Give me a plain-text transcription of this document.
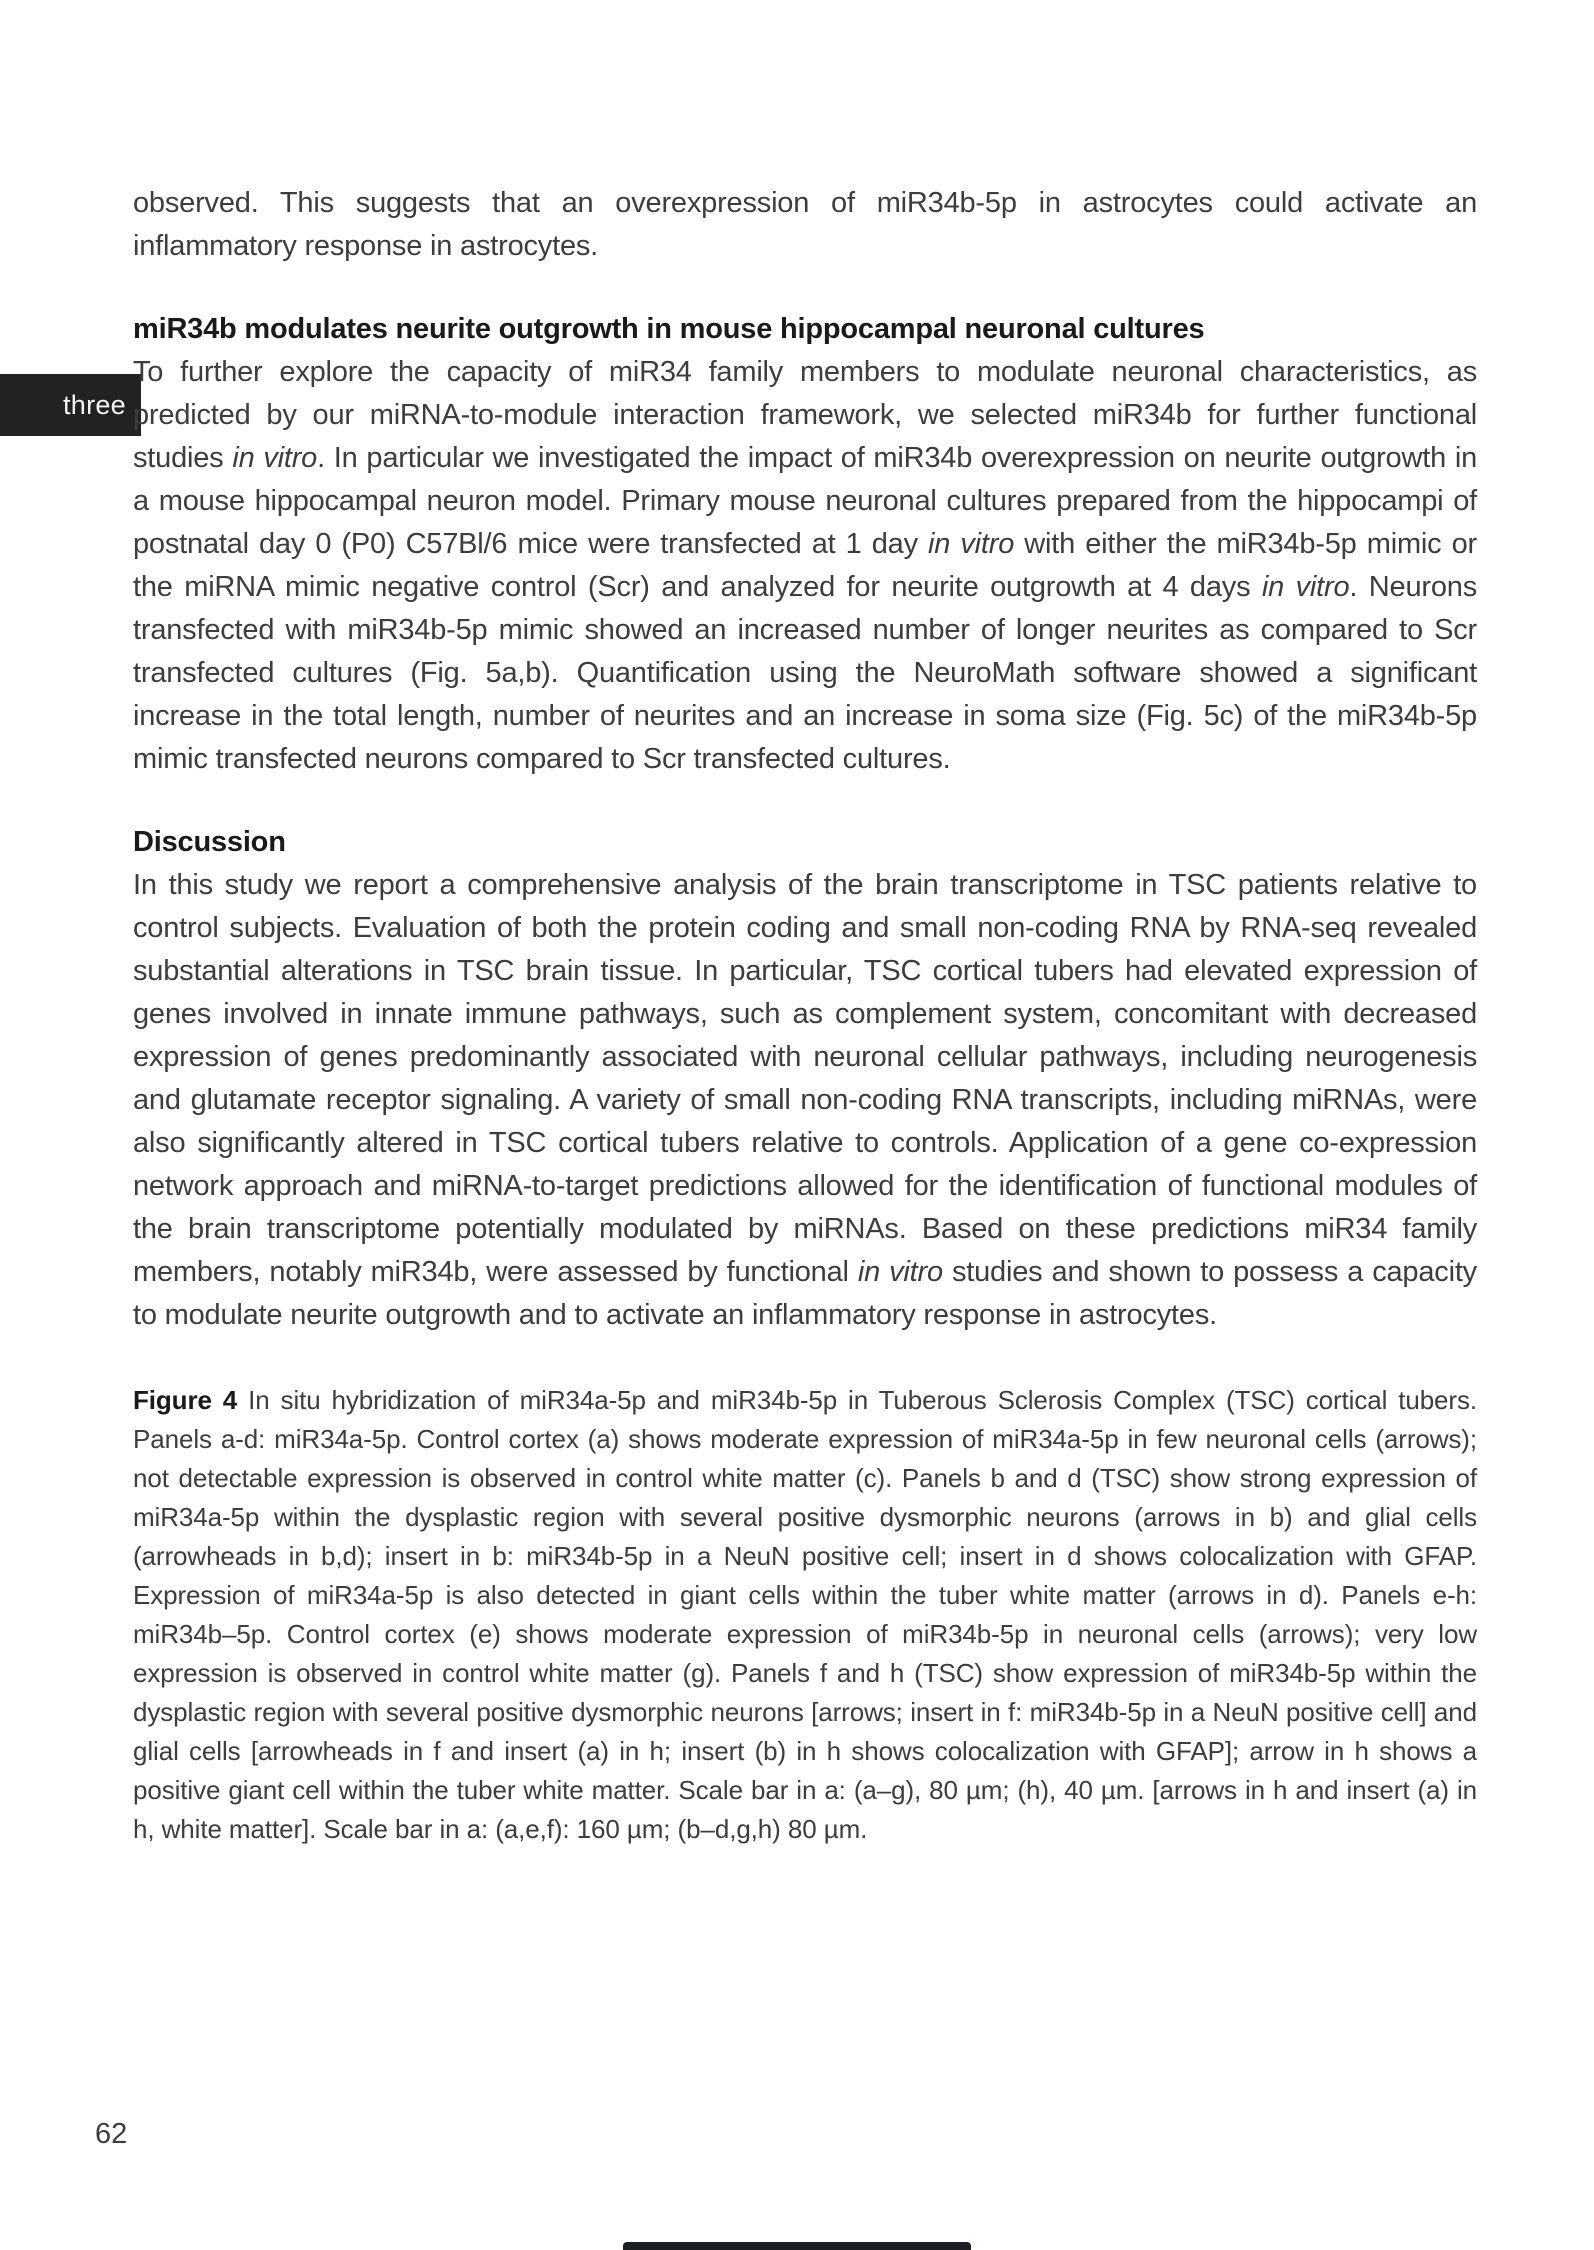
three

observed. This suggests that an overexpression of miR34b-5p in astrocytes could activate an inflammatory response in astrocytes.

miR34b modulates neurite outgrowth in mouse hippocampal neuronal cultures

To further explore the capacity of miR34 family members to modulate neuronal characteristics, as predicted by our miRNA-to-module interaction framework, we selected miR34b for further functional studies in vitro. In particular we investigated the impact of miR34b overexpression on neurite outgrowth in a mouse hippocampal neuron model. Primary mouse neuronal cultures prepared from the hippocampi of postnatal day 0 (P0) C57Bl/6 mice were transfected at 1 day in vitro with either the miR34b-5p mimic or the miRNA mimic negative control (Scr) and analyzed for neurite outgrowth at 4 days in vitro. Neurons transfected with miR34b-5p mimic showed an increased number of longer neurites as compared to Scr transfected cultures (Fig. 5a,b). Quantification using the NeuroMath software showed a significant increase in the total length, number of neurites and an increase in soma size (Fig. 5c) of the miR34b-5p mimic transfected neurons compared to Scr transfected cultures.

Discussion

In this study we report a comprehensive analysis of the brain transcriptome in TSC patients relative to control subjects. Evaluation of both the protein coding and small non-coding RNA by RNA-seq revealed substantial alterations in TSC brain tissue. In particular, TSC cortical tubers had elevated expression of genes involved in innate immune pathways, such as complement system, concomitant with decreased expression of genes predominantly associated with neuronal cellular pathways, including neurogenesis and glutamate receptor signaling. A variety of small non-coding RNA transcripts, including miRNAs, were also significantly altered in TSC cortical tubers relative to controls. Application of a gene co-expression network approach and miRNA-to-target predictions allowed for the identification of functional modules of the brain transcriptome potentially modulated by miRNAs. Based on these predictions miR34 family members, notably miR34b, were assessed by functional in vitro studies and shown to possess a capacity to modulate neurite outgrowth and to activate an inflammatory response in astrocytes.

Figure 4 In situ hybridization of miR34a-5p and miR34b-5p in Tuberous Sclerosis Complex (TSC) cortical tubers. Panels a-d: miR34a-5p. Control cortex (a) shows moderate expression of miR34a-5p in few neuronal cells (arrows); not detectable expression is observed in control white matter (c). Panels b and d (TSC) show strong expression of miR34a-5p within the dysplastic region with several positive dysmorphic neurons (arrows in b) and glial cells (arrowheads in b,d); insert in b: miR34b-5p in a NeuN positive cell; insert in d shows colocalization with GFAP. Expression of miR34a-5p is also detected in giant cells within the tuber white matter (arrows in d). Panels e-h: miR34b–5p. Control cortex (e) shows moderate expression of miR34b-5p in neuronal cells (arrows); very low expression is observed in control white matter (g). Panels f and h (TSC) show expression of miR34b-5p within the dysplastic region with several positive dysmorphic neurons [arrows; insert in f: miR34b-5p in a NeuN positive cell] and glial cells [arrowheads in f and insert (a) in h; insert (b) in h shows colocalization with GFAP]; arrow in h shows a positive giant cell within the tuber white matter. Scale bar in a: (a–g), 80 µm; (h), 40 µm. [arrows in h and insert (a) in h, white matter]. Scale bar in a: (a,e,f): 160 µm; (b–d,g,h) 80 µm.

62
